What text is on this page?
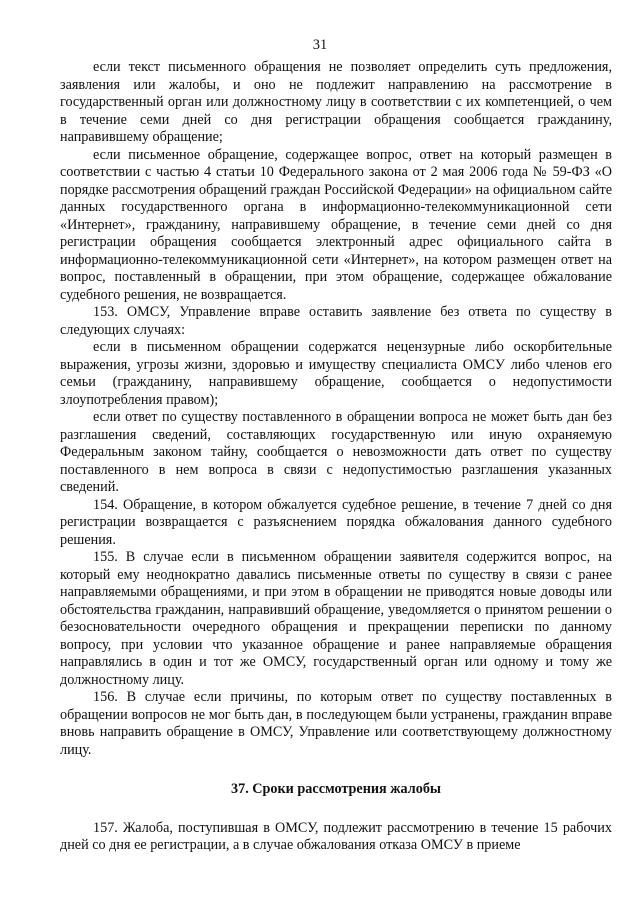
31

если текст письменного обращения не позволяет определить суть предложения, заявления или жалобы, и оно не подлежит направлению на рассмотрение в государственный орган или должностному лицу в соответствии с их компетенцией, о чем в течение семи дней со дня регистрации обращения сообщается гражданину, направившему обращение;

если письменное обращение, содержащее вопрос, ответ на который размещен в соответствии с частью 4 статьи 10 Федерального закона от 2 мая 2006 года № 59-ФЗ «О порядке рассмотрения обращений граждан Российской Федерации» на официальном сайте данных государственного органа в информационно-телекоммуникационной сети «Интернет», гражданину, направившему обращение, в течение семи дней со дня регистрации обращения сообщается электронный адрес официального сайта в информационно-телекоммуникационной сети «Интернет», на котором размещен ответ на вопрос, поставленный в обращении, при этом обращение, содержащее обжалование судебного решения, не возвращается.

153. ОМСУ, Управление вправе оставить заявление без ответа по существу в следующих случаях:

если в письменном обращении содержатся нецензурные либо оскорбительные выражения, угрозы жизни, здоровью и имуществу специалиста ОМСУ либо членов его семьи (гражданину, направившему обращение, сообщается о недопустимости злоупотребления правом);

если ответ по существу поставленного в обращении вопроса не может быть дан без разглашения сведений, составляющих государственную или иную охраняемую Федеральным законом тайну, сообщается о невозможности дать ответ по существу поставленного в нем вопроса в связи с недопустимостью разглашения указанных сведений.

154. Обращение, в котором обжалуется судебное решение, в течение 7 дней со дня регистрации возвращается с разъяснением порядка обжалования данного судебного решения.

155. В случае если в письменном обращении заявителя содержится вопрос, на который ему неоднократно давались письменные ответы по существу в связи с ранее направляемыми обращениями, и при этом в обращении не приводятся новые доводы или обстоятельства гражданин, направивший обращение, уведомляется о принятом решении о безосновательности очередного обращения и прекращении переписки по данному вопросу, при условии что указанное обращение и ранее направляемые обращения направлялись в один и тот же ОМСУ, государственный орган или одному и тому же должностному лицу.

156. В случае если причины, по которым ответ по существу поставленных в обращении вопросов не мог быть дан, в последующем были устранены, гражданин вправе вновь направить обращение в ОМСУ, Управление или соответствующему должностному лицу.

37. Сроки рассмотрения жалобы

157. Жалоба, поступившая в ОМСУ, подлежит рассмотрению в течение 15 рабочих дней со дня ее регистрации, а в случае обжалования отказа ОМСУ в приеме
